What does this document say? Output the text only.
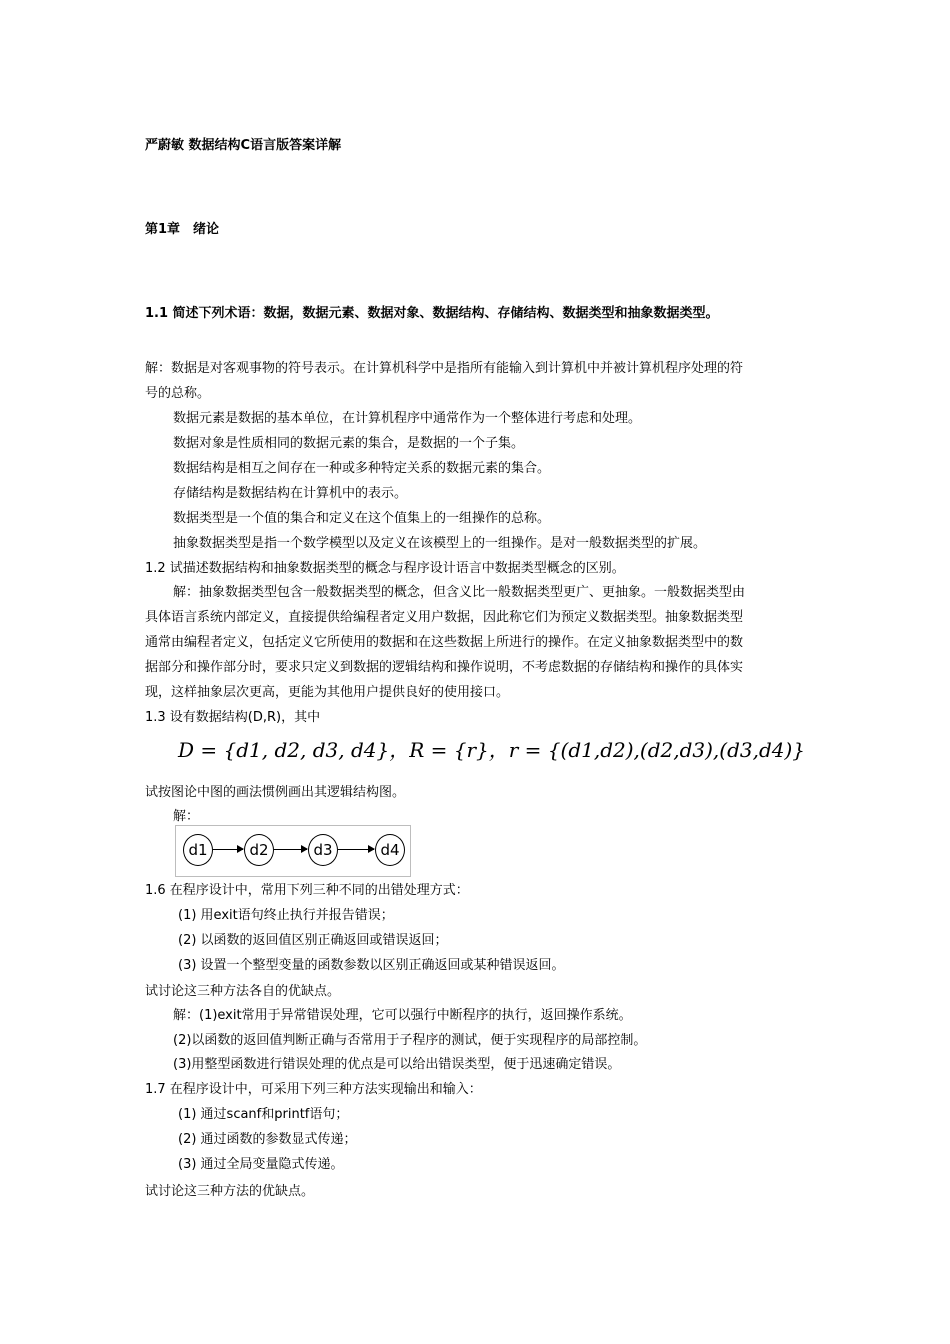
严蔚敏 数据结构C语言版答案详解
第1章　绪论
1.1 简述下列术语：数据，数据元素、数据对象、数据结构、存储结构、数据类型和抽象数据类型。
解：数据是对客观事物的符号表示。在计算机科学中是指所有能输入到计算机中并被计算机程序处理的符
号的总称。
数据元素是数据的基本单位，在计算机程序中通常作为一个整体进行考虑和处理。
数据对象是性质相同的数据元素的集合，是数据的一个子集。
数据结构是相互之间存在一种或多种特定关系的数据元素的集合。
存储结构是数据结构在计算机中的表示。
数据类型是一个值的集合和定义在这个值集上的一组操作的总称。
抽象数据类型是指一个数学模型以及定义在该模型上的一组操作。是对一般数据类型的扩展。
1.2 试描述数据结构和抽象数据类型的概念与程序设计语言中数据类型概念的区别。
解：抽象数据类型包含一般数据类型的概念，但含义比一般数据类型更广、更抽象。一般数据类型由
具体语言系统内部定义，直接提供给编程者定义用户数据，因此称它们为预定义数据类型。抽象数据类型
通常由编程者定义，包括定义它所使用的数据和在这些数据上所进行的操作。在定义抽象数据类型中的数
据部分和操作部分时，要求只定义到数据的逻辑结构和操作说明，不考虑数据的存储结构和操作的具体实
现，这样抽象层次更高，更能为其他用户提供良好的使用接口。
1.3 设有数据结构(D,R)，其中
D = {d1, d2, d3, d4}，R = {r}，r = {(d1,d2),(d2,d3),(d3,d4)}
试按图论中图的画法惯例画出其逻辑结构图。
解：
d1	d2	d3	d4
1.6 在程序设计中，常用下列三种不同的出错处理方式：
(1) 用exit语句终止执行并报告错误；
(2) 以函数的返回值区别正确返回或错误返回；
(3) 设置一个整型变量的函数参数以区别正确返回或某种错误返回。
试讨论这三种方法各自的优缺点。
解：(1)exit常用于异常错误处理，它可以强行中断程序的执行，返回操作系统。
(2)以函数的返回值判断正确与否常用于子程序的测试，便于实现程序的局部控制。
(3)用整型函数进行错误处理的优点是可以给出错误类型，便于迅速确定错误。
1.7 在程序设计中，可采用下列三种方法实现输出和输入：
(1) 通过scanf和printf语句；
(2) 通过函数的参数显式传递；
(3) 通过全局变量隐式传递。
试讨论这三种方法的优缺点。
